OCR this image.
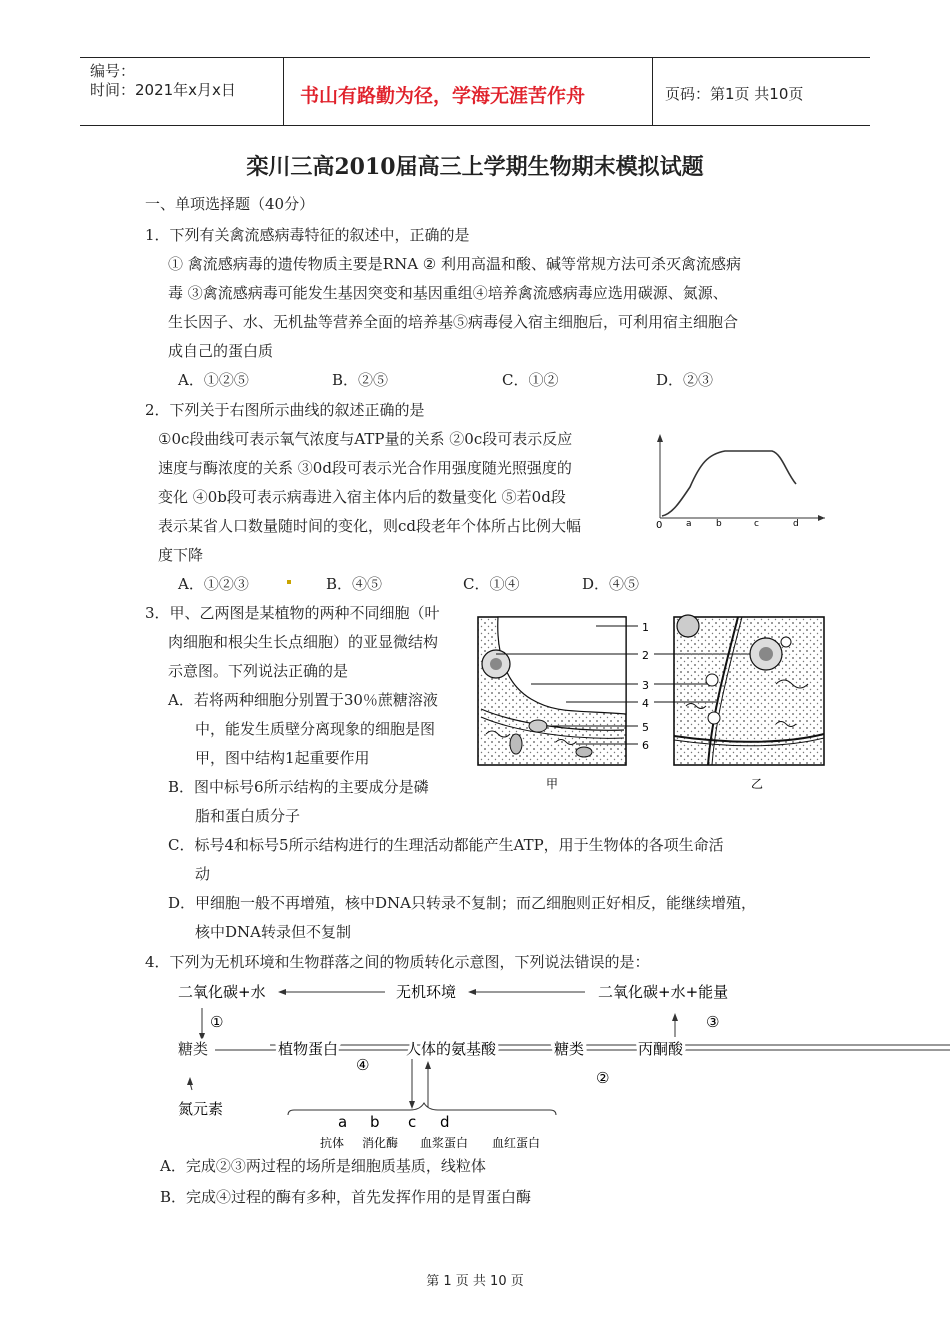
编号：
时间：2021年x月x日	书山有路勤为径，学海无涯苦作舟	页码：第1页 共10页
栾川三高2010届高三上学期生物期末模拟试题
一、单项选择题（40分）
1．下列有关禽流感病毒特征的叙述中，正确的是
① 禽流感病毒的遗传物质主要是RNA ② 利用高温和酸、碱等常规方法可杀灭禽流感病
毒 ③禽流感病毒可能发生基因突变和基因重组④培养禽流感病毒应选用碳源、氮源、
生长因子、水、无机盐等营养全面的培养基⑤病毒侵入宿主细胞后，可利用宿主细胞合
成自己的蛋白质
A．①②⑤	B．②⑤	C．①②	D．②③
2．下列关于右图所示曲线的叙述正确的是
①0c段曲线可表示氧气浓度与ATP量的关系 ②0c段可表示反应
速度与酶浓度的关系 ③0d段可表示光合作用强度随光照强度的
变化 ④0b段可表示病毒进入宿主体内后的数量变化 ⑤若0d段
表示某省人口数量随时间的变化，则cd段老年个体所占比例大幅
度下降
A．①②③	B．④⑤	C．①④	D．④⑤
0	a	b	c	d
3．甲、乙两图是某植物的两种不同细胞（叶
肉细胞和根尖生长点细胞）的亚显微结构
示意图。下列说法正确的是
A．若将两种细胞分别置于30％蔗糖溶液
中，能发生质壁分离现象的细胞是图
甲，图中结构1起重要作用
B．图中标号6所示结构的主要成分是磷
脂和蛋白质分子
C．标号4和标号5所示结构进行的生理活动都能产生ATP，用于生物体的各项生命活
动
D．甲细胞一般不再增殖，核中DNA只转录不复制；而乙细胞则正好相反，能继续增殖，
核中DNA转录但不复制
1
2
3
4
5
6
甲	乙
4．下列为无机环境和生物群落之间的物质转化示意图，下列说法错误的是：
二氧化碳+水	无机环境	二氧化碳+水+能量
①	③
糖类	植物蛋白	人体的氨基酸	糖类	丙酮酸
④
②
氮元素
a b c d
抗体 消化酶 血浆蛋白 血红蛋白
A．完成②③两过程的场所是细胞质基质，线粒体
B．完成④过程的酶有多种，首先发挥作用的是胃蛋白酶
第 1 页 共 10 页
